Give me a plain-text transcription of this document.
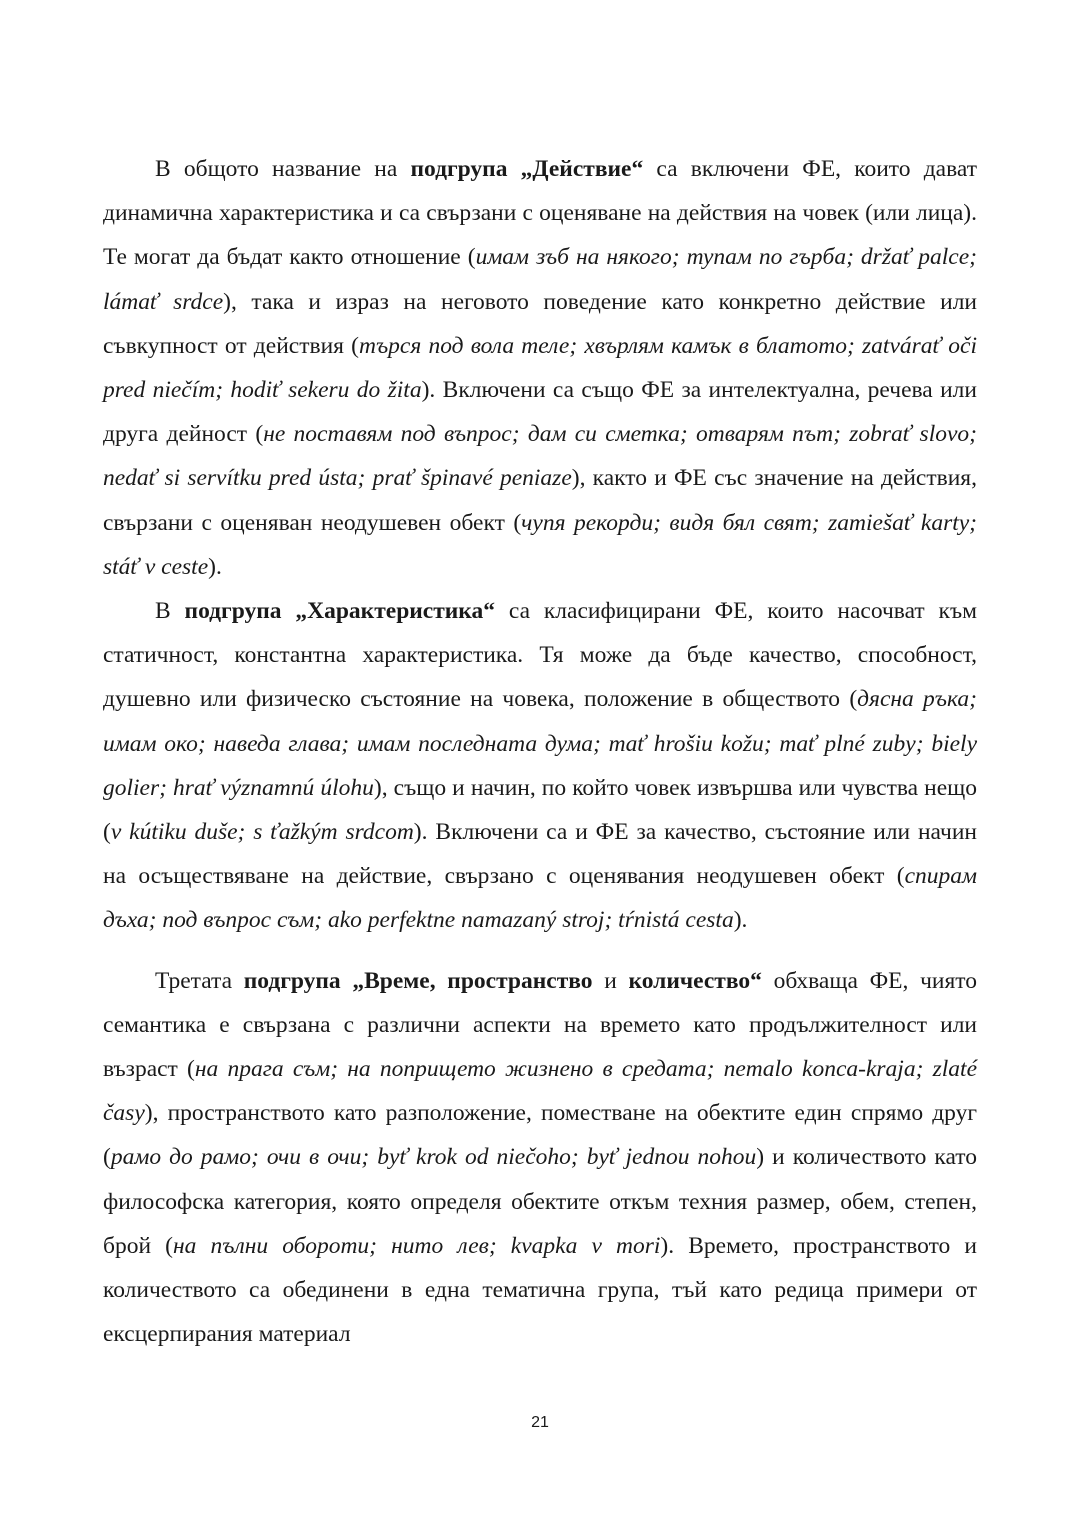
В общото название на подгрупа „Действие“ са включени ФЕ, които дават динамична характеристика и са свързани с оценяване на действия на човек (или лица). Те могат да бъдат както отношение (имам зъб на някого; тупам по гърба; držať palce; lámať srdce), така и израз на неговото поведение като конкретно действие или съвкупност от действия (търся под вола теле; хвърлям камък в блатото; zatvárať oči pred niečím; hodiť sekeru do žita). Включени са също ФЕ за интелектуална, речева или друга дейност (не поставям под въпрос; дам си сметка; отварям път; zobrať slovo; nedať si servítku pred ústa; prať špinavé peniaze), както и ФЕ със значение на действия, свързани с оценяван неодушевен обект (чупя рекорди; видя бял свят; zamiešať karty; stáť v ceste).

В подгрупа „Характеристика“ са класифицирани ФЕ, които насочват към статичност, константна характеристика. Тя може да бъде качество, способност, душевно или физическо състояние на човека, положение в обществото (дясна ръка; имам око; наведа глава; имам последната дума; mať hrošiu kožu; mať plné zuby; biely golier; hrať významnú úlohu), също и начин, по който човек извършва или чувства нещо (v kútiku duše; s ťažkým srdcom). Включени са и ФЕ за качество, състояние или начин на осъществяване на действие, свързано с оценявания неодушевен обект (спирам дъха; под въпрос съм; ako perfektne namazaný stroj; tŕnistá cesta).

Третата подгрупа „Време, пространство и количество“ обхваща ФЕ, чиято семантика е свързана с различни аспекти на времето като продължителност или възраст (на прага съм; на попрището жизнено в средата; nemalo konca-kraja; zlaté časy), пространството като разположение, поместване на обектите един спрямо друг (рамо до рамо; очи в очи; byť krok od niečoho; byť jednou nohou) и количеството като философска категория, която определя обектите откъм техния размер, обем, степен, брой (на пълни обороти; нито лев; kvapka v mori). Времето, пространството и количеството са обединени в една тематична група, тъй като редица примери от ексцерпирания материал

21
